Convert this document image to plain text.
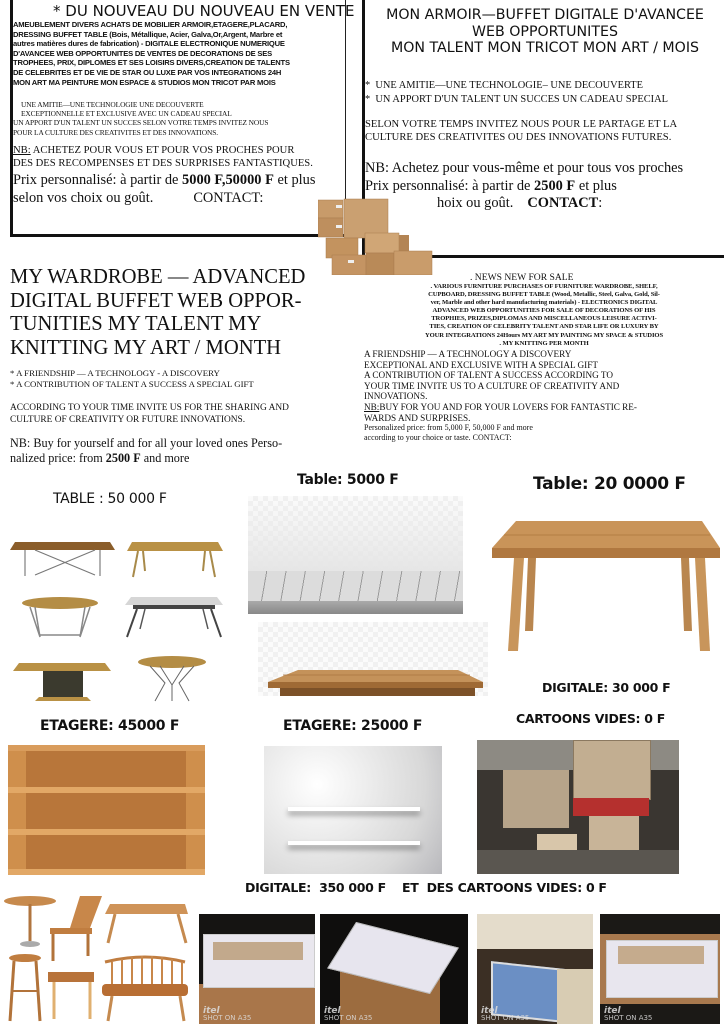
* DU NOUVEAU DU NOUVEAU EN VENTE

AMEUBLEMENT DIVERS ACHATS DE MOBILIER ARMOIR,ETAGERE,PLACARD,

DRESSING BUFFET TABLE (Bois, Métallique, Acier, Galva,Or,Argent, Marbre et

autres matières dures de fabrication) - DIGITALE ELECTRONIQUE NUMERIQUE

D'AVANCEE WEB OPPORTUNITES DE VENTES DE DECORATIONS DE SES

TROPHEES, PRIX, DIPLOMES ET SES LOISIRS DIVERS,CREATION DE TALENTS

DE CELEBRITES ET DE VIE DE STAR OU LUXE PAR VOS INTEGRATIONS 24H

MON ART MA PEINTURE MON ESPACE & STUDIOS MON TRICOT PAR MOIS

UNE AMITIE—UNE TECHNOLOGIE UNE DECOUVERTE

EXCEPTIONNELLE ET EXCLUSIVE AVEC UN CADEAU SPECIAL

UN APPORT D'UN TALENT UN SUCCES SELON VOTRE TEMPS INVITEZ NOUS

POUR LA CULTURE DES CREATIVITES ET DES INNOVATIONS.

NB: ACHETEZ POUR VOUS ET POUR VOS PROCHES POUR

DES DES RECOMPENSES ET DES SURPRISES FANTASTIQUES.

Prix personnalisé: à partir de 5000 F,50000 F et plus

selon vos choix ou goût.	CONTACT:

MON ARMOIR—BUFFET DIGITALE D'AVANCEE

WEB OPPORTUNITES

MON TALENT MON TRICOT MON ART / MOIS

*  UNE AMITIE—UNE TECHNOLOGIE– UNE DECOUVERTE

*  UN APPORT D'UN TALENT UN SUCCES UN CADEAU SPECIAL

SELON VOTRE TEMPS INVITEZ NOUS POUR LE PARTAGE ET LA

CULTURE DES CREATIVITES OU DES INNOVATIONS FUTURES.

NB: Achetez pour vous-même et pour tous vos proches

Prix personnalisé: à partir de 2500 F et plus

hoix ou goût. CONTACT:

MY WARDROBE — ADVANCED

DIGITAL BUFFET WEB OPPOR-

TUNITIES MY TALENT MY

KNITTING MY ART / MONTH

* A FRIENDSHIP — A TECHNOLOGY - A DISCOVERY

* A CONTRIBUTION OF TALENT A SUCCESS A SPECIAL GIFT

ACCORDING TO YOUR TIME INVITE US FOR THE SHARING AND

CULTURE OF CREATIVITY OR FUTURE INNOVATIONS.

NB: Buy for yourself and for all your loved ones Perso-

nalized price: from 2500 F and more

. NEWS NEW FOR SALE

. VARIOUS FURNITURE PURCHASES OF FURNITURE WARDROBE, SHELF,

CUPBOARD, DRESSING BUFFET TABLE (Wood, Metallic, Steel, Galva, Gold, Sil-

ver, Marble and other hard manufacturing materials) - ELECTRONICS DIGITAL

ADVANCED WEB OPPORTUNITIES FOR SALE OF DECORATIONS OF HIS

TROPHIES, PRIZES,DIPLOMAS AND MISCELLANEOUS LEISURE ACTIVI-

TIES, CREATION OF CELEBRITY TALENT AND STAR LIFE OR LUXURY BY

YOUR INTEGRATIONS 24Hours MY ART MY PAINTING MY SPACE & STUDIOS

. MY KNITTING PER MONTH

A FRIENDSHIP — A TECHNOLOGY A DISCOVERY

EXCEPTIONAL AND EXCLUSIVE WITH A SPECIAL GIFT

A CONTRIBUTION OF TALENT A SUCCESS ACCORDING TO

YOUR TIME INVITE US TO A CULTURE OF CREATIVITY AND

INNOVATIONS.

NB:BUY FOR YOU AND FOR YOUR LOVERS FOR FANTASTIC RE-

WARDS AND SURPRISES.

Personalized price: from 5,000 F, 50,000 F and more

according to your choice or taste. CONTACT:

TABLE : 50 000 F
Table: 5000 F	Table: 20 0000 F
DIGITALE: 30 000 F
ETAGERE: 45000 F	ETAGERE: 25000 F	CARTOONS VIDES: 0 F
DIGITALE:  350 000 F    ET  DES CARTOONS VIDES: 0 F
itel
SHOT ON A35
itel
SHOT ON A35
itel
SHOT ON A35
itel
SHOT ON A35
